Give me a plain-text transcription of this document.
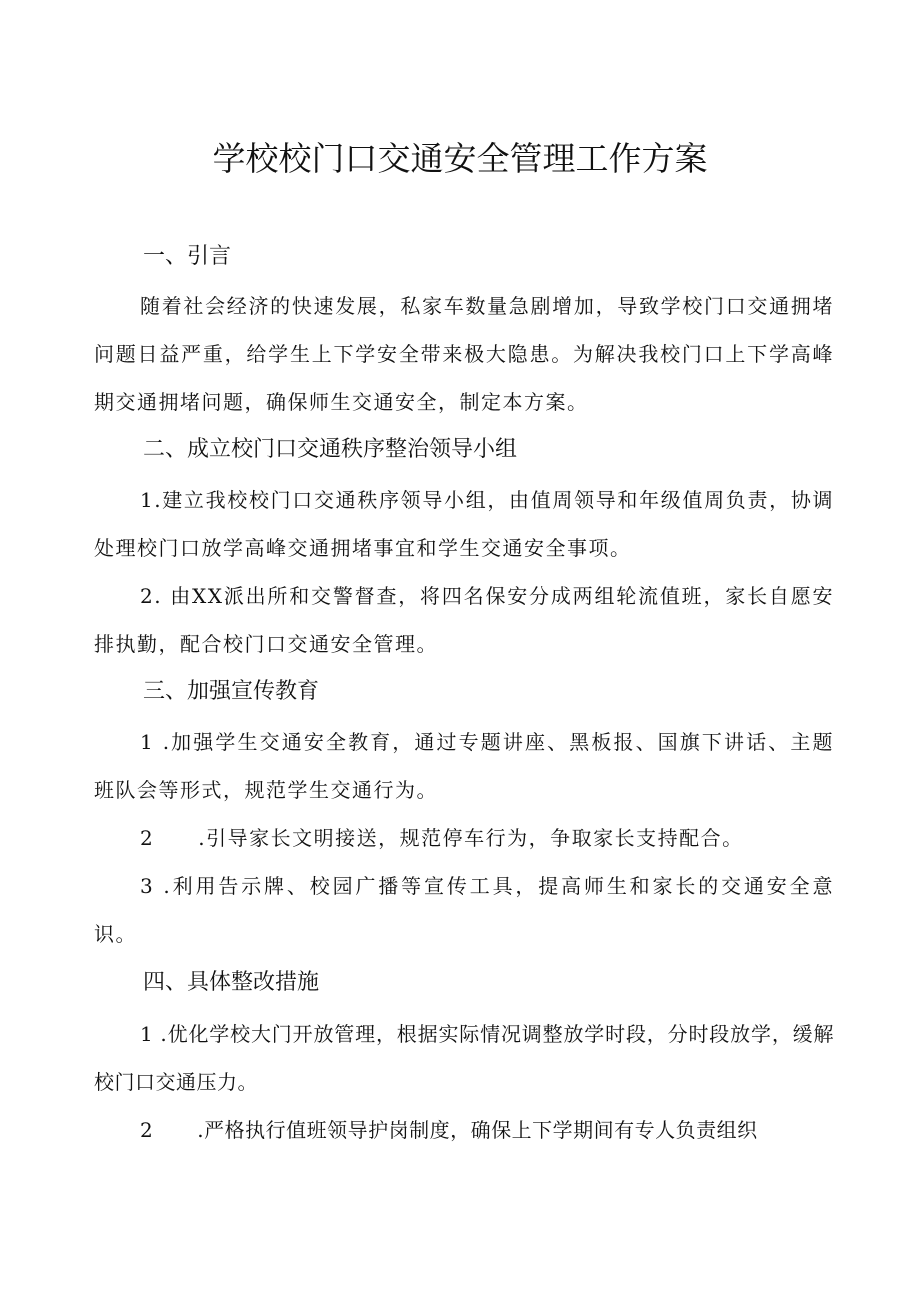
学校校门口交通安全管理工作方案
一、引言

随着社会经济的快速发展，私家车数量急剧增加，导致学校门口交通拥堵问题日益严重，给学生上下学安全带来极大隐患。为解决我校门口上下学高峰期交通拥堵问题，确保师生交通安全，制定本方案。

二、成立校门口交通秩序整治领导小组

1.建立我校校门口交通秩序领导小组，由值周领导和年级值周负责，协调处理校门口放学高峰交通拥堵事宜和学生交通安全事项。

2. 由XX派出所和交警督查，将四名保安分成两组轮流值班，家长自愿安排执勤，配合校门口交通安全管理。

三、加强宣传教育

1 .加强学生交通安全教育，通过专题讲座、黑板报、国旗下讲话、主题班队会等形式，规范学生交通行为。

2 .引导家长文明接送，规范停车行为，争取家长支持配合。

3 .利用告示牌、校园广播等宣传工具，提高师生和家长的交通安全意识。

四、具体整改措施

1 .优化学校大门开放管理，根据实际情况调整放学时段，分时段放学，缓解校门口交通压力。

2 .严格执行值班领导护岗制度，确保上下学期间有专人负责组织
